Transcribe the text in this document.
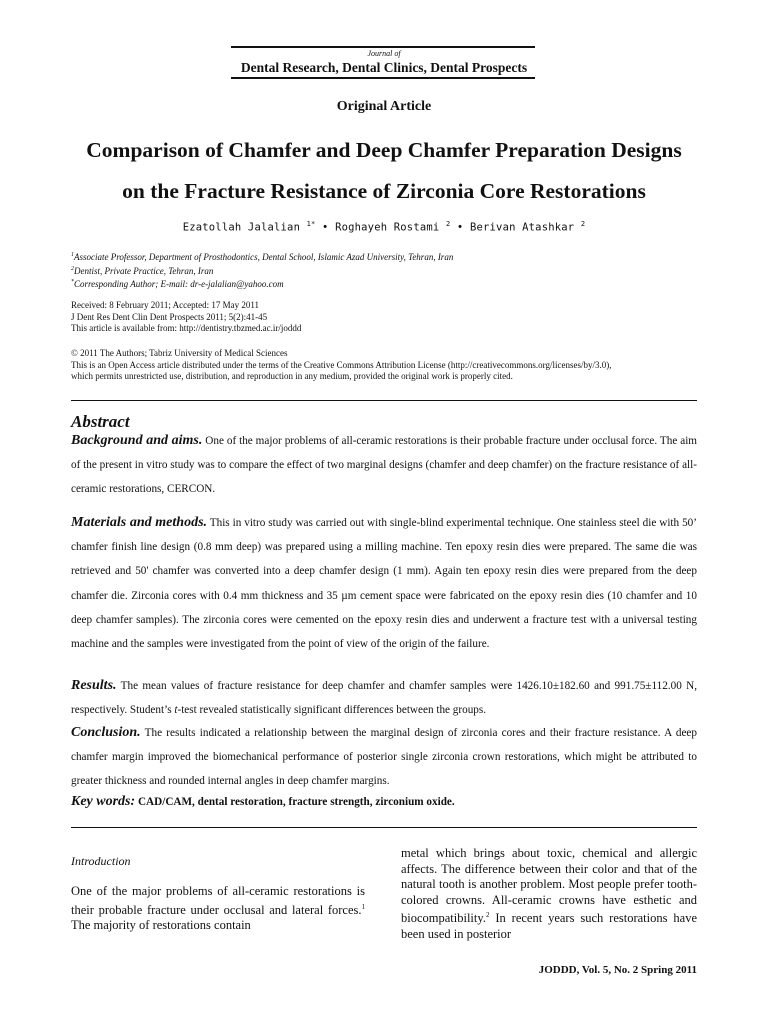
Journal of
Dental Research, Dental Clinics, Dental Prospects
Original Article
Comparison of Chamfer and Deep Chamfer Preparation Designs
on the Fracture Resistance of Zirconia Core Restorations
Ezatollah Jalalian $^{1*}$ • Roghayeh Rostami $^2$ • Berivan Atashkar $^2$
$^1$Associate Professor, Department of Prosthodontics, Dental School, Islamic Azad University, Tehran, Iran
$^2$Dentist, Private Practice, Tehran, Iran
*Corresponding Author; E-mail: dr-e-jalalian@yahoo.com
Received: 8 February 2011; Accepted: 17 May 2011
J Dent Res Dent Clin Dent Prospects 2011; 5(2):41-45
This article is available from: http://dentistry.tbzmed.ac.ir/joddd
© 2011 The Authors; Tabriz University of Medical Sciences
This is an Open Access article distributed under the terms of the Creative Commons Attribution License (http://creativecommons.org/licenses/by/3.0),
which permits unrestricted use, distribution, and reproduction in any medium, provided the original work is properly cited.
Abstract
Background and aims. One of the major problems of all-ceramic restorations is their probable fracture under occlusal force. The aim of the present in vitro study was to compare the effect of two marginal designs (chamfer and deep chamfer) on the fracture resistance of all-ceramic restorations, CERCON.
Materials and methods. This in vitro study was carried out with single-blind experimental technique. One stainless steel die with 50’ chamfer finish line design (0.8 mm deep) was prepared using a milling machine. Ten epoxy resin dies were prepared. The same die was retrieved and 50' chamfer was converted into a deep chamfer design (1 mm). Again ten epoxy resin dies were prepared from the deep chamfer die. Zirconia cores with 0.4 mm thickness and 35 µm cement space were fabricated on the epoxy resin dies (10 chamfer and 10 deep chamfer samples). The zirconia cores were cemented on the epoxy resin dies and underwent a fracture test with a universal testing machine and the samples were investigated from the point of view of the origin of the failure.
Results. The mean values of fracture resistance for deep chamfer and chamfer samples were 1426.10±182.60 and 991.75±112.00 N, respectively. Student’s t-test revealed statistically significant differences between the groups.
Conclusion. The results indicated a relationship between the marginal design of zirconia cores and their fracture resistance. A deep chamfer margin improved the biomechanical performance of posterior single zirconia crown restorations, which might be attributed to greater thickness and rounded internal angles in deep chamfer margins.
Key words: CAD/CAM, dental restoration, fracture strength, zirconium oxide.
Introduction
One of the major problems of all-ceramic restorations is their probable fracture under occlusal and lateral forces.$^1$ The majority of restorations contain
metal which brings about toxic, chemical and allergic affects. The difference between their color and that of the natural tooth is another problem. Most people prefer tooth-colored crowns. All-ceramic crowns have esthetic and biocompatibility.$^2$ In recent years such restorations have been used in posterior
JODDD, Vol. 5, No. 2 Spring 2011
